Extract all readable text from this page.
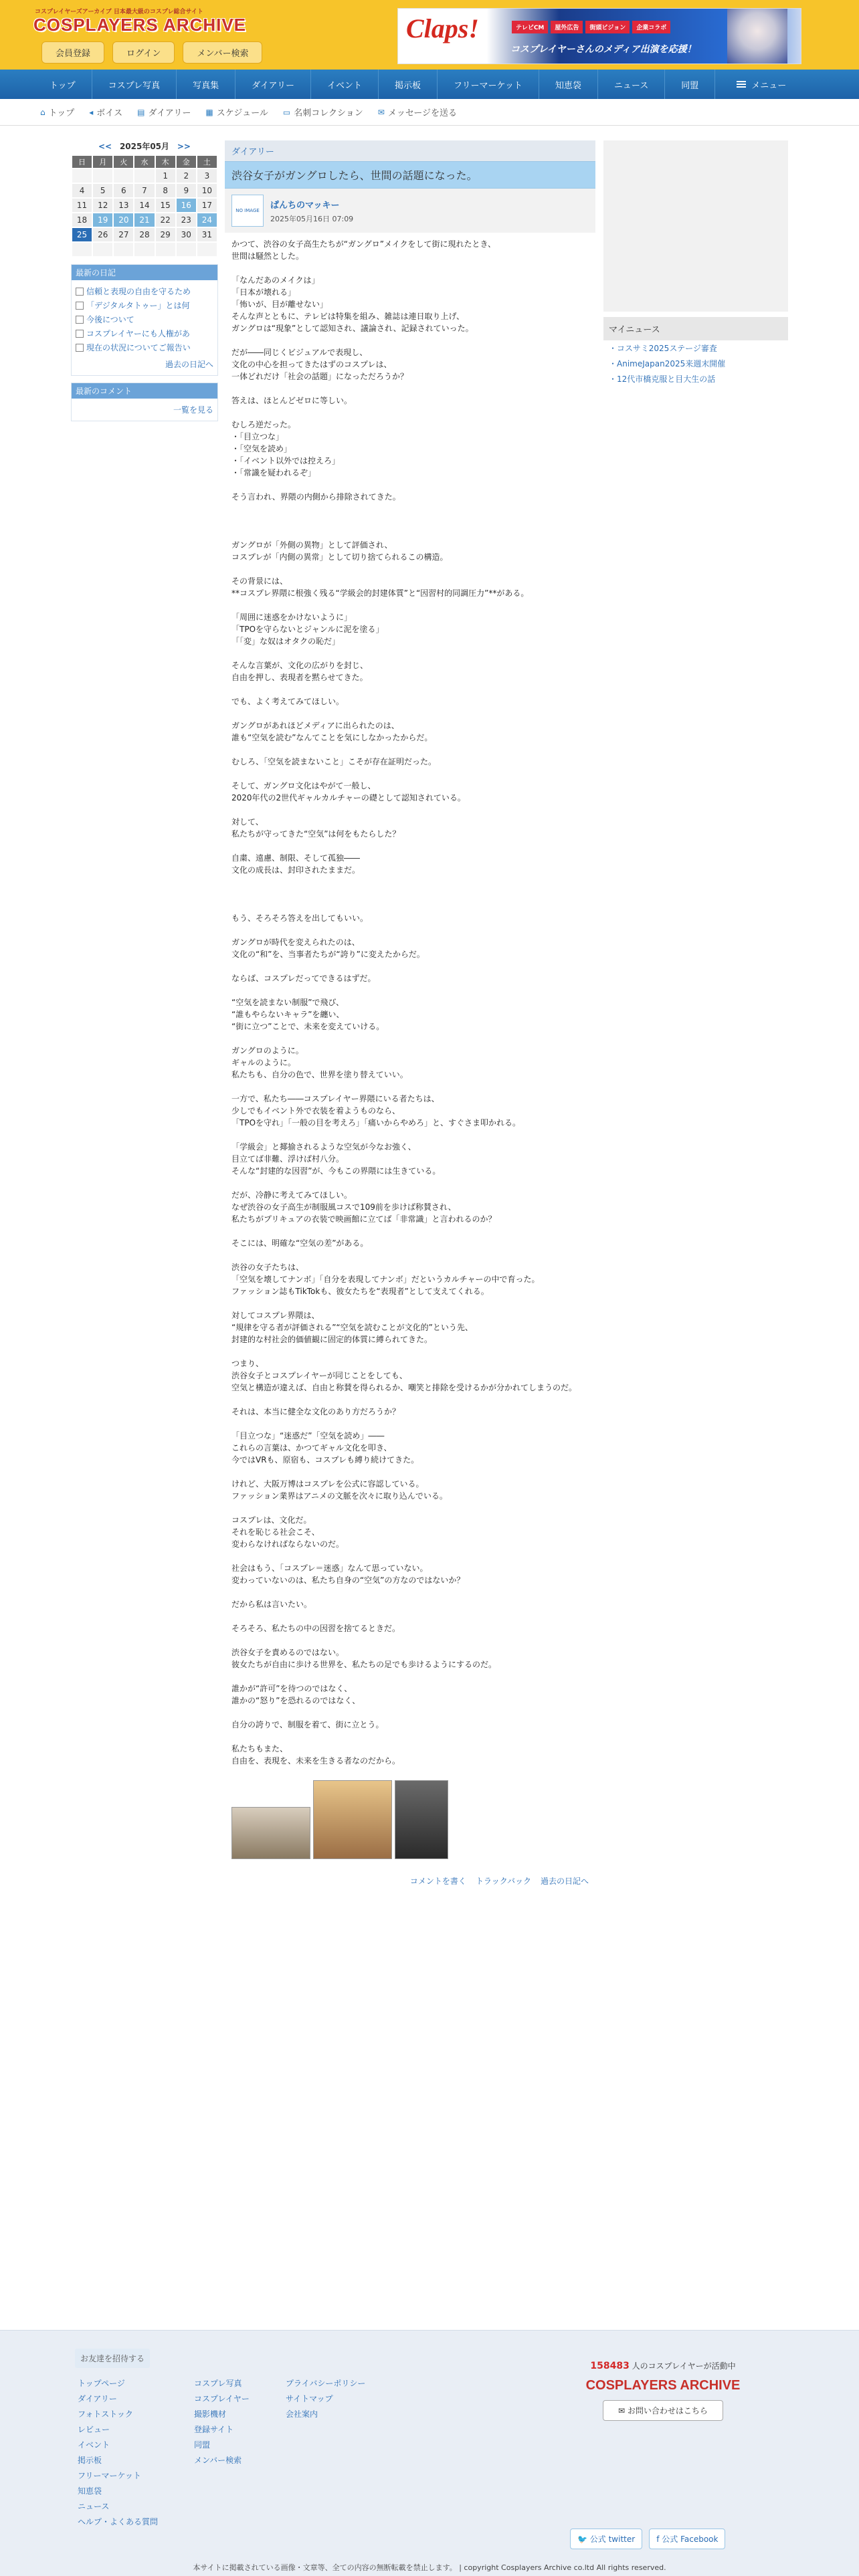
コスプレイヤーズアーカイブ 日本最大級のコスプレ総合サイト
COSPLAYERS ARCHIVE
会員登録	ログイン	メンバー検索
Claps!	テレビCM	屋外広告	街頭ビジョン	企業コラボ
コスプレイヤーさんのメディア出演を応援！
トップ	コスプレ写真	写真集	ダイアリー	イベント	掲示板	フリーマーケット	知恵袋	ニュース	同盟	メニュー
⌂ トップ ◂ ボイス ▤ ダイアリー ▦ スケジュール ▭ 名刺コレクション ✉ メッセージを送る
<< 2025年05月 >>
日	月	火	水	木	金	土
				1	2	3
4	5	6	7	8	9	10
11	12	13	14	15	16	17
18	19	20	21	22	23	24
25	26	27	28	29	30	31

最新の日記
信頼と表現の自由を守るため
「デジタルタトゥー」とは何
今後について
コスプレイヤーにも人権があ
現在の状況についてご報告い
過去の日記へ
最新のコメント
一覧を見る
ダイアリー
渋谷女子がガングロしたら、世間の話題になった。
NO IMAGE
ぱんちのマッキー
2025年05月16日 07:09

かつて、渋谷の女子高生たちが“ガングロ”メイクをして街に現れたとき、

世間は騒然とした。

「なんだあのメイクは」

「日本が壊れる」

「怖いが、目が離せない」

そんな声とともに、テレビは特集を組み、雑誌は連日取り上げ、

ガングロは“現象”として認知され、議論され、記録されていった。

だが――同じくビジュアルで表現し、

文化の中心を担ってきたはずのコスプレは、

一体どれだけ「社会の話題」になっただろうか？

答えは、ほとんどゼロに等しい。

むしろ逆だった。

・「目立つな」

・「空気を読め」

・「イベント以外では控えろ」

・「常識を疑われるぞ」

そう言われ、界隈の内側から排除されてきた。

ガングロが「外側の異物」として評価され、

コスプレが「内側の異常」として切り捨てられるこの構造。

その背景には、

**コスプレ界隈に根強く残る“学級会的封建体質”と“因習村的同調圧力”**がある。

「周囲に迷惑をかけないように」

「TPOを守らないとジャンルに泥を塗る」

「「変」な奴はオタクの恥だ」

そんな言葉が、文化の広がりを封じ、

自由を押し、表現者を黙らせてきた。

でも、よく考えてみてほしい。

ガングロがあれほどメディアに出られたのは、

誰も“空気を読む”なんてことを気にしなかったからだ。

むしろ、「空気を読まないこと」こそが存在証明だった。

そして、ガングロ文化はやがて一般し、

2020年代の2世代ギャルカルチャーの礎として認知されている。

対して、

私たちが守ってきた“空気”は何をもたらした？

自粛、遠慮、制限、そして孤独――

文化の成長は、封印されたままだ。

もう、そろそろ答えを出してもいい。

ガングロが時代を変えられたのは、

文化の“和”を、当事者たちが“誇り”に変えたからだ。

ならば、コスプレだってできるはずだ。

“空気を読まない制服”で飛び、

“誰もやらないキャラ”を纏い、

“街に立つ”ことで、未来を変えていける。

ガングロのように。

ギャルのように。

私たちも、自分の色で、世界を塗り替えていい。

一方で、私たち――コスプレイヤー界隈にいる者たちは、

少しでもイベント外で衣装を着ようものなら、

「TPOを守れ」「一般の目を考えろ」「痛いからやめろ」と、すぐさま叩かれる。

「学級会」と揶揄されるような空気が今なお強く、

目立てば非難、浮けば村八分。

そんな“封建的な因習”が、今もこの界隈には生きている。

だが、冷静に考えてみてほしい。

なぜ渋谷の女子高生が制服風コスで109前を歩けば称賛され、

私たちがプリキュアの衣装で映画館に立てば「非常識」と言われるのか？

そこには、明確な“空気の差”がある。

渋谷の女子たちは、

「空気を壊してナンボ」「自分を表現してナンボ」だというカルチャーの中で育った。

ファッション誌もTikTokも、彼女たちを“表現者”として支えてくれる。

対してコスプレ界隈は、

“規律を守る者が評価される”“空気を読むことが文化的”という先、

封建的な村社会的価値観に固定的体質に縛られてきた。

つまり、

渋谷女子とコスプレイヤーが同じことをしても、

空気と構造が違えば、自由と称賛を得られるか、嘲笑と排除を受けるかが分かれてしまうのだ。

それは、本当に健全な文化のあり方だろうか？

「目立つな」“迷惑だ”「空気を読め」――

これらの言葉は、かつてギャル文化を叩き、

今ではVRも、原宿も、コスプレも縛り続けてきた。

けれど、大阪万博はコスプレを公式に容認している。

ファッション業界はアニメの文脈を次々に取り込んでいる。

コスプレは、文化だ。

それを恥じる社会こそ、

変わらなければならないのだ。

社会はもう、「コスプレ＝迷惑」なんて思っていない。

変わっていないのは、私たち自身の“空気”の方なのではないか？

だから私は言いたい。

そろそろ、私たちの中の因習を捨てるときだ。

渋谷女子を責めるのではない。

彼女たちが自由に歩ける世界を、私たちの足でも歩けるようにするのだ。

誰かが“許可”を待つのではなく、

誰かの“怒り”を恐れるのではなく、

自分の誇りで、制服を着て、街に立とう。

私たちもまた、

自由を、表現を、未来を生きる者なのだから。

コメントを書く トラックバック 過去の日記へ
マイニュース
・コスサミ2025ステージ審査
・AnimeJapan2025来週末開催
・12代市橋克服と目大生の話
トップページ
ダイアリー
フォトストック
レビュー
イベント
掲示板
フリーマーケット
知恵袋
ニュース
ヘルプ・よくある質問
コスプレ写真
コスプレイヤー
撮影機材
登録サイト
同盟
メンバー検索
プライバシーポリシー
サイトマップ
会社案内
158483 人のコスプレイヤーが活動中
COSPLAYERS ARCHIVE
✉ お問い合わせはこちら
🐦 公式 twitter	f 公式 Facebook
本サイトに掲載されている画像・文章等、全ての内容の無断転載を禁止します。 | copyright Cosplayers Archive co.ltd All rights reserved.
お友達を招待する
